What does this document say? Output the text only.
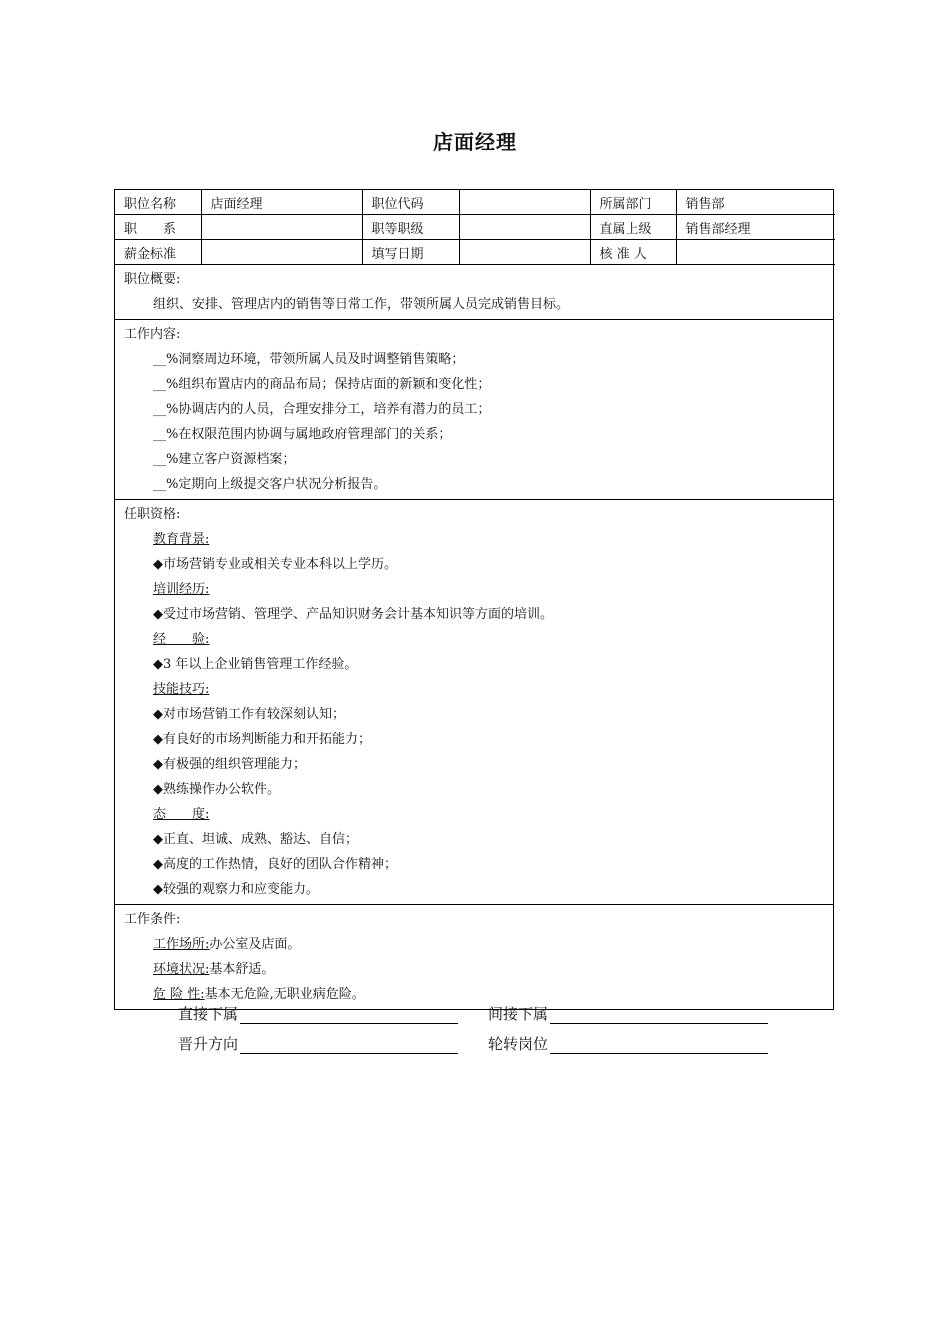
店面经理
职位名称	店面经理	职位代码		所属部门	销售部
职　　系		职等职级		直属上级	销售部经理
薪金标准		填写日期		核 准 人	
职位概要:
组织、安排、管理店内的销售等日常工作，带领所属人员完成销售目标。
工作内容:
__%洞察周边环境，带领所属人员及时调整销售策略；
__%组织布置店内的商品布局；保持店面的新颖和变化性；
__%协调店内的人员，合理安排分工，培养有潜力的员工；
__%在权限范围内协调与属地政府管理部门的关系；
__%建立客户资源档案；
__%定期向上级提交客户状况分析报告。
任职资格:
教育背景:
◆市场营销专业或相关专业本科以上学历。
培训经历:
◆受过市场营销、管理学、产品知识财务会计基本知识等方面的培训。
经　　验:
◆3 年以上企业销售管理工作经验。
技能技巧:
◆对市场营销工作有较深刻认知；
◆有良好的市场判断能力和开拓能力；
◆有极强的组织管理能力；
◆熟练操作办公软件。
态　　度:
◆正直、坦诚、成熟、豁达、自信；
◆高度的工作热情，良好的团队合作精神；
◆较强的观察力和应变能力。
工作条件:
工作场所:办公室及店面。
环境状况:基本舒适。
危 险 性:基本无危险,无职业病危险。
直接下属	间接下属
晋升方向	轮转岗位
